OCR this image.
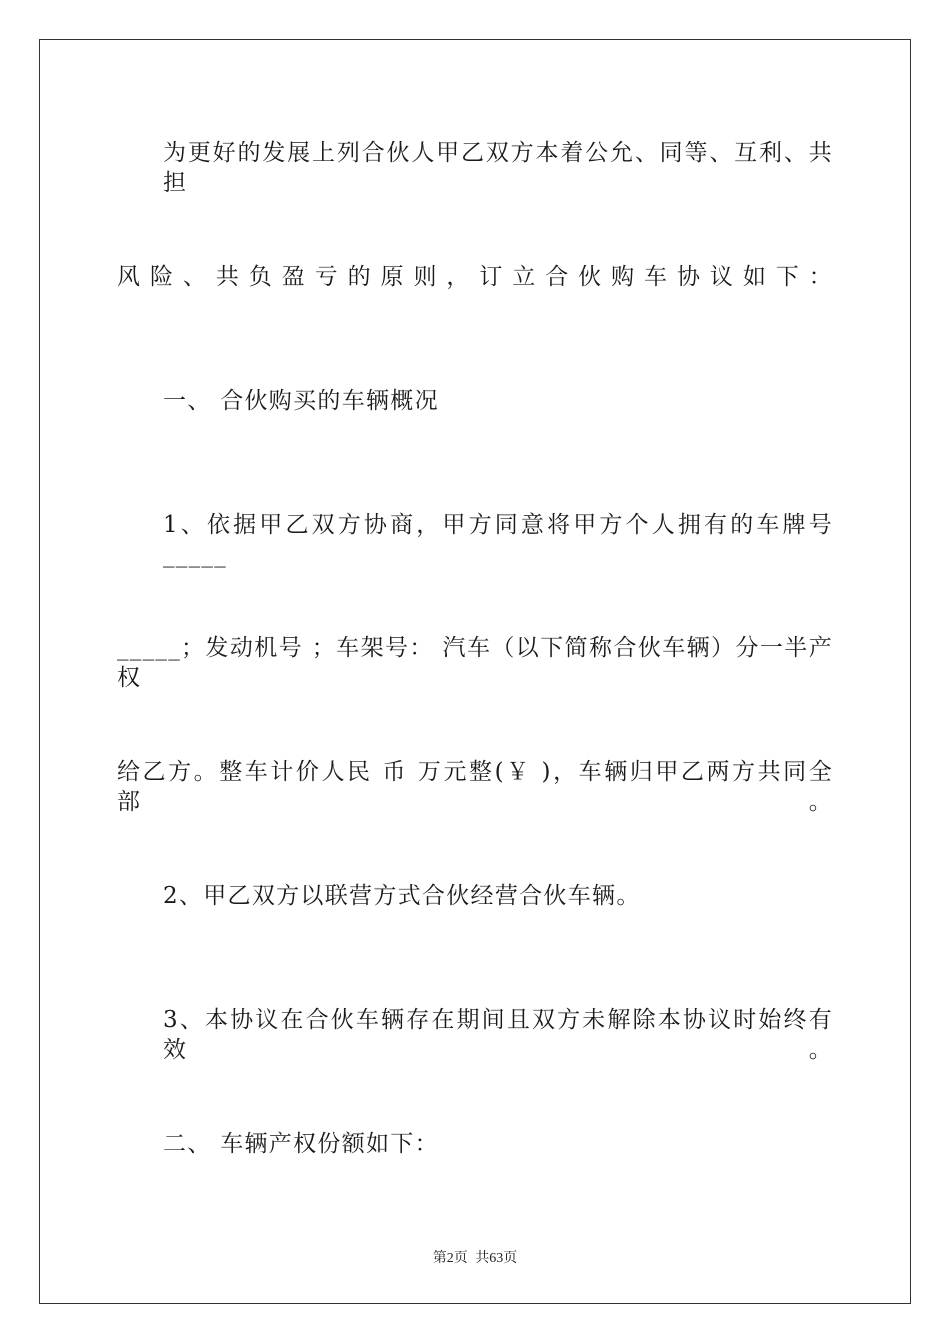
为更好的发展上列合伙人甲乙双方本着公允、同等、互利、共担
风险、共负盈亏的原则，订立合伙购车协议如下：
一、 合伙购买的车辆概况
1、依据甲乙双方协商，甲方同意将甲方个人拥有的车牌号_____
_____；发动机号 ；车架号： 汽车（以下简称合伙车辆）分一半产权
给乙方。整车计价人民 币 万元整(￥ )，车辆归甲乙两方共同全部。
2、甲乙双方以联营方式合伙经营合伙车辆。
3、本协议在合伙车辆存在期间且双方未解除本协议时始终有效。
二、 车辆产权份额如下：
第2页 共63页
